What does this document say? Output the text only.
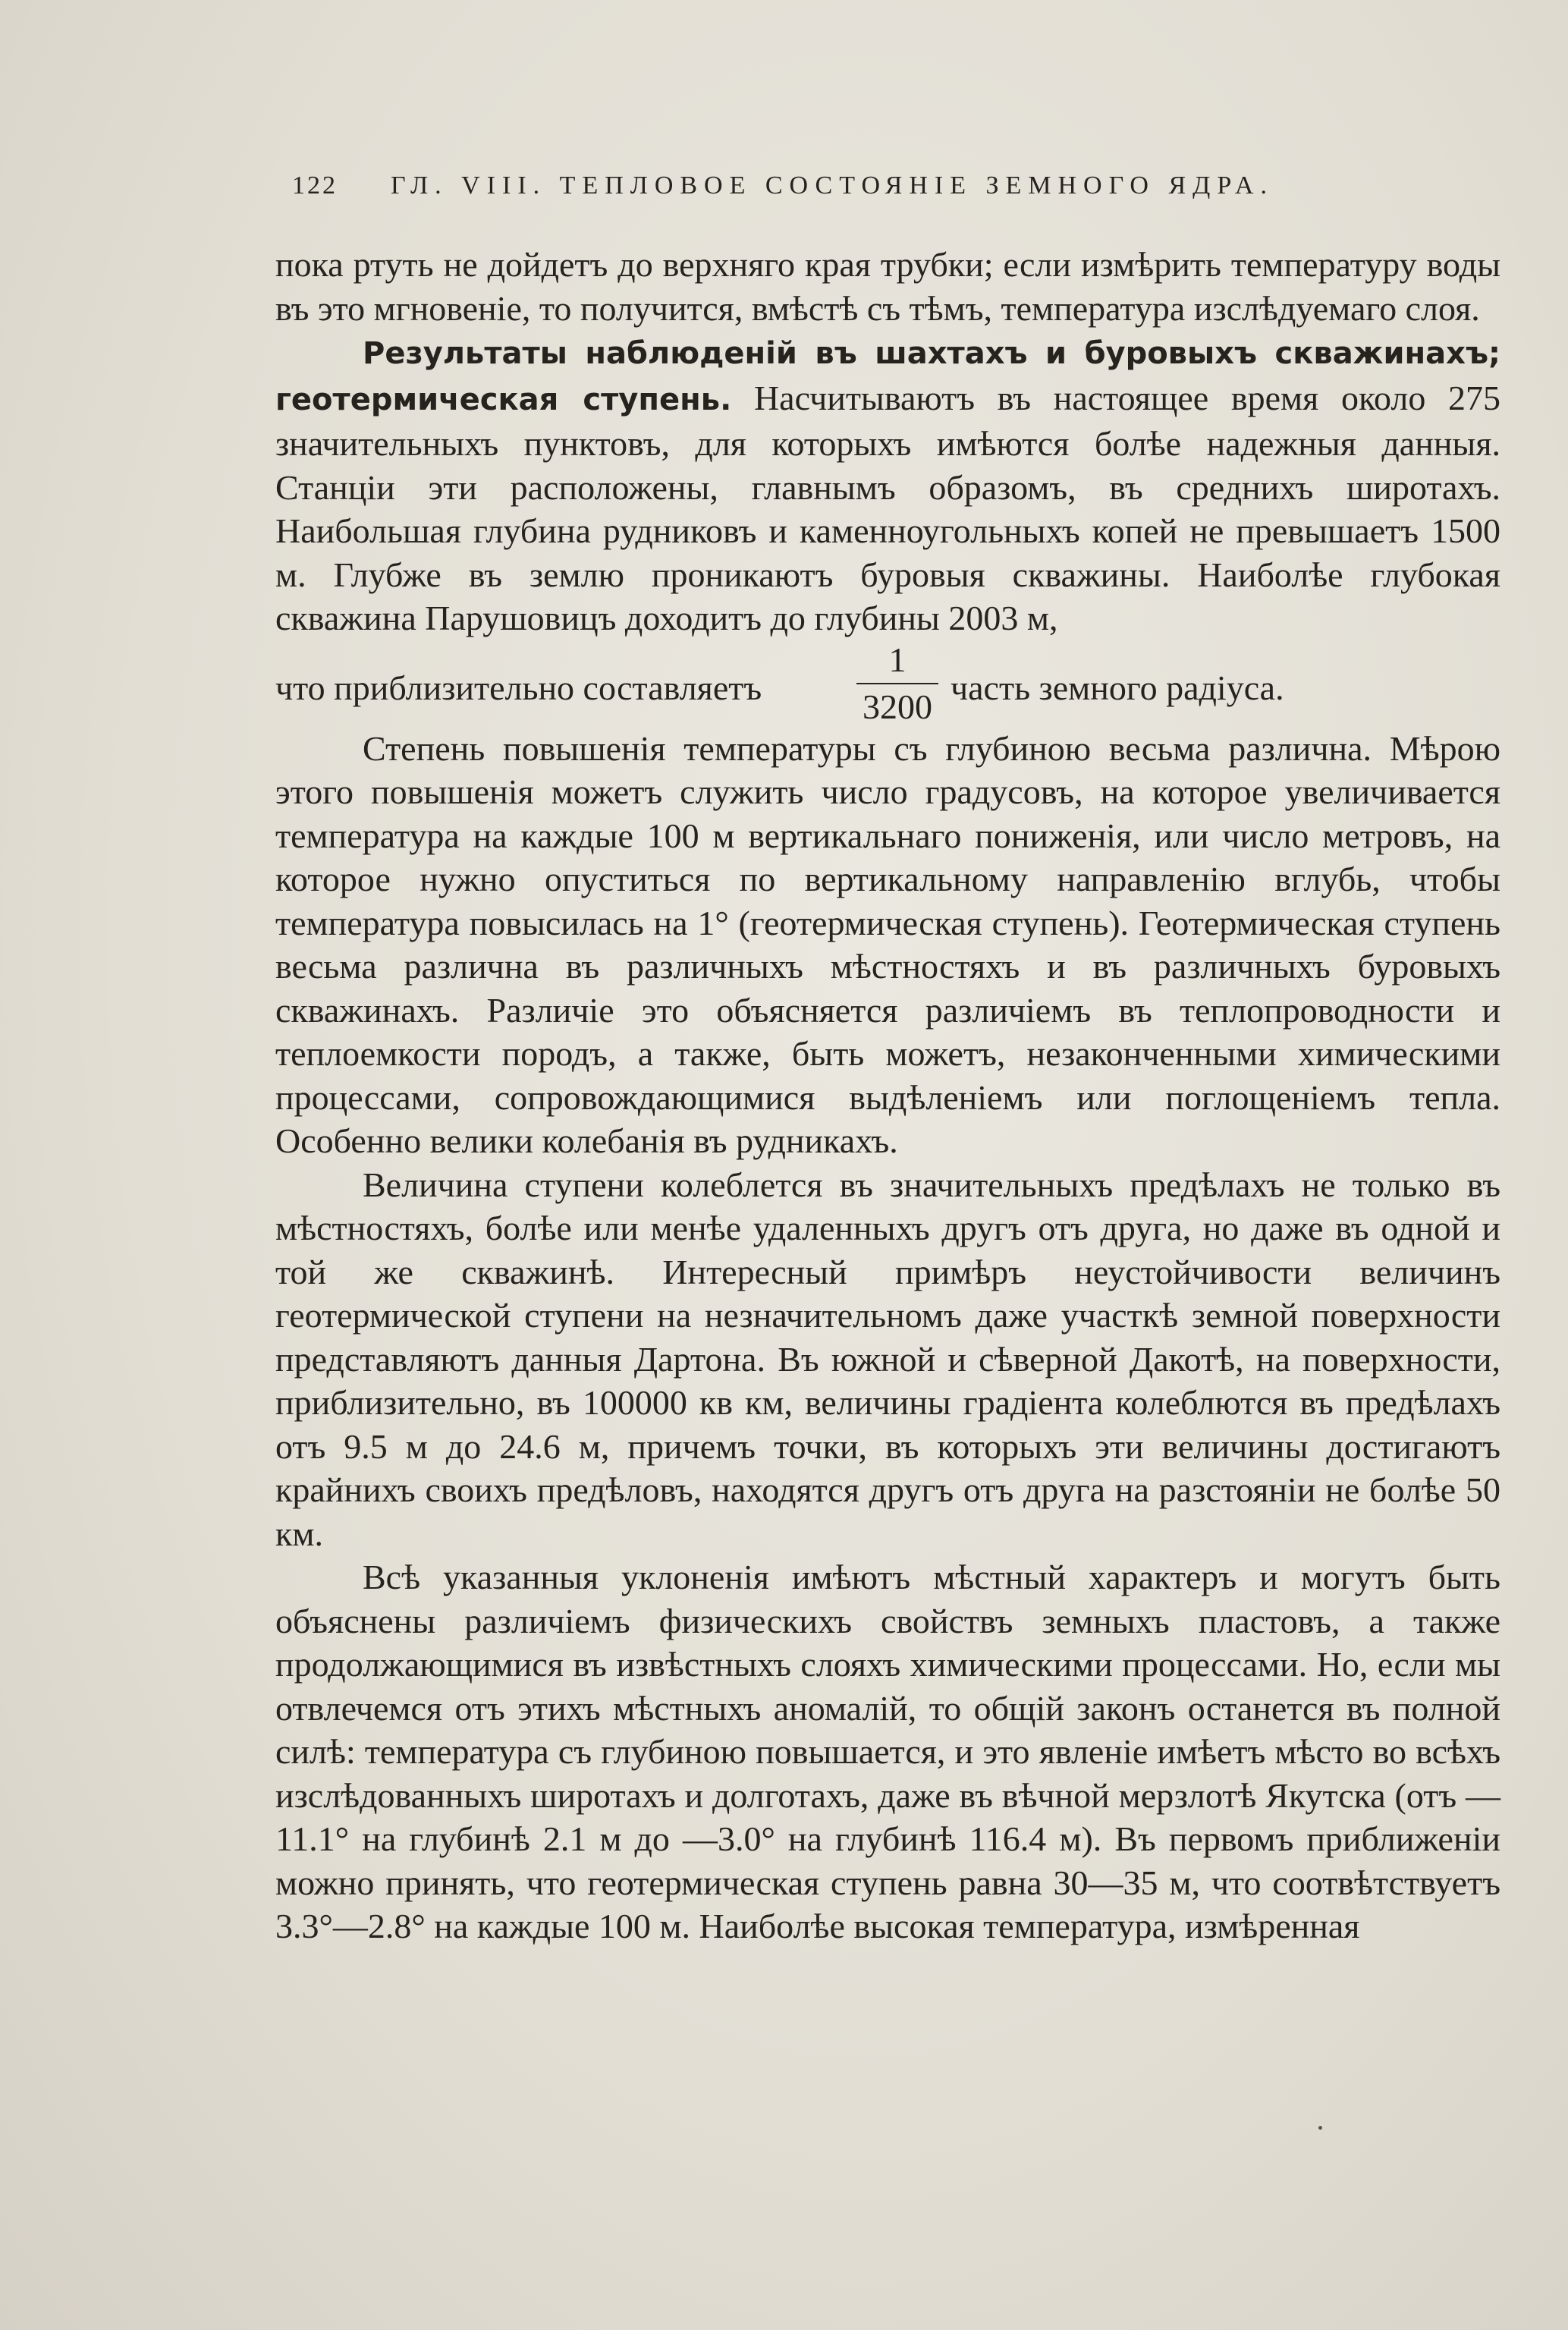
122 ГЛ. VIII. ТЕПЛОВОЕ СОСТОЯНІЕ ЗЕМНОГО ЯДРА.

пока ртуть не дойдетъ до верхняго края трубки; если измѣрить температуру воды въ это мгновеніе, то получится, вмѣстѣ съ тѣмъ, температура изслѣдуемаго слоя.

Результаты наблюденій въ шахтахъ и буровыхъ скважинахъ; геотермическая ступень. Насчитываютъ въ настоящее время около 275 значительныхъ пунктовъ, для которыхъ имѣются болѣе надежныя данныя. Станціи эти расположены, главнымъ образомъ, въ среднихъ широтахъ. Наибольшая глубина рудниковъ и каменноугольныхъ копей не превышаетъ 1500 м. Глубже въ землю проникаютъ буровыя скважины. Наиболѣе глубокая скважина Парушовицъ доходитъ до глубины 2003 м,

что приблизительно составляетъ
1
3200 часть земного радіуса.

Степень повышенія температуры съ глубиною весьма различна. Мѣрою этого повышенія можетъ служить число градусовъ, на которое увеличивается температура на каждые 100 м вертикальнаго пониженія, или число метровъ, на которое нужно опуститься по вертикальному направленію вглубь, чтобы температура повысилась на 1° (геотермическая ступень). Геотермическая ступень весьма различна въ различныхъ мѣстностяхъ и въ различныхъ буровыхъ скважинахъ. Различіе это объясняется различіемъ въ теплопроводности и теплоемкости породъ, а также, быть можетъ, незаконченными химическими процессами, сопровождающимися выдѣленіемъ или поглощеніемъ тепла. Особенно велики колебанія въ рудникахъ.

Величина ступени колеблется въ значительныхъ предѣлахъ не только въ мѣстностяхъ, болѣе или менѣе удаленныхъ другъ отъ друга, но даже въ одной и той же скважинѣ. Интересный примѣръ неустойчивости величинъ геотермической ступени на незначительномъ даже участкѣ земной поверхности представляютъ данныя Дартона. Въ южной и сѣверной Дакотѣ, на поверхности, приблизительно, въ 100000 кв км, величины градіента колеблются въ предѣлахъ отъ 9.5 м до 24.6 м, причемъ точки, въ которыхъ эти величины достигаютъ крайнихъ своихъ предѣловъ, находятся другъ отъ друга на разстояніи не болѣе 50 км.

Всѣ указанныя уклоненія имѣютъ мѣстный характеръ и могутъ быть объяснены различіемъ физическихъ свойствъ земныхъ пластовъ, а также продолжающимися въ извѣстныхъ слояхъ химическими процессами. Но, если мы отвлечемся отъ этихъ мѣстныхъ аномалій, то общій законъ останется въ полной силѣ: температура съ глубиною повышается, и это явленіе имѣетъ мѣсто во всѣхъ изслѣдованныхъ широтахъ и долготахъ, даже въ вѣчной мерзлотѣ Якутска (отъ —11.1° на глубинѣ 2.1 м до —3.0° на глубинѣ 116.4 м). Въ первомъ приближеніи можно принять, что геотермическая ступень равна 30—35 м, что соотвѣтствуетъ 3.3°—2.8° на каждые 100 м. Наиболѣе высокая температура, измѣренная
